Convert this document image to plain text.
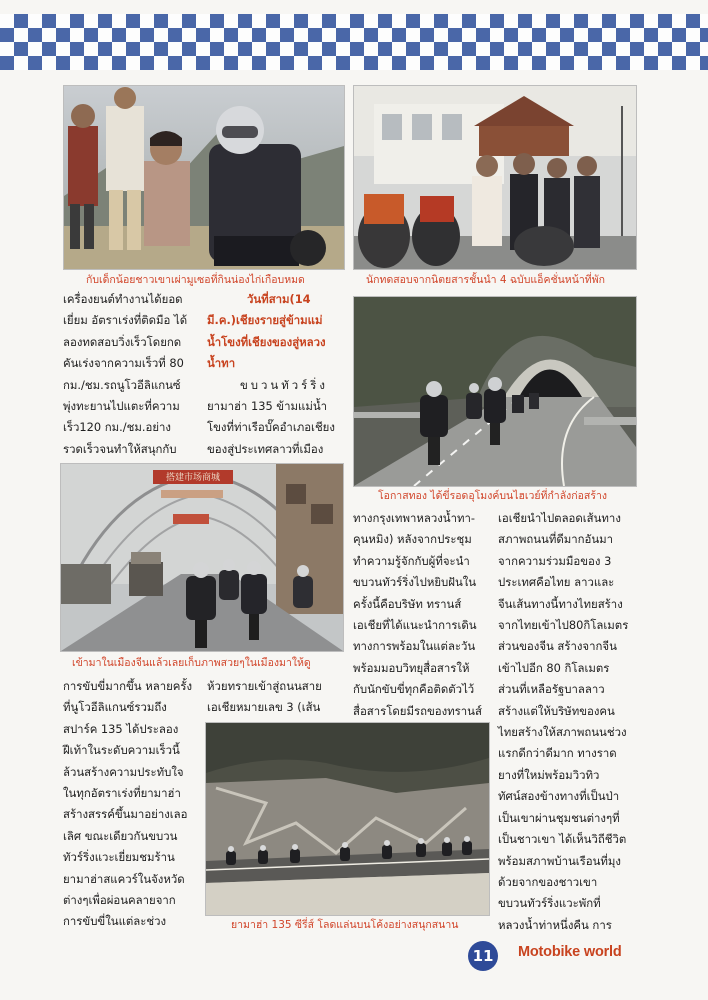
กับเด็กน้อยชาวเขาเผ่ามูเซอที่กินน่องไก่เกือบหมด	นักทดสอบจากนิตยสารชั้นนำ 4 ฉบับแอ็คชั่นหน้าที่พัก
โอกาสทอง ได้ขี่รอดอุโมงค์บนไฮเวย์ที่กำลังก่อสร้าง
搭建市场商城
เข้ามาในเมืองจีนแล้วเลยเก็บภาพสวยๆในเมืองมาให้ดู
ยามาฮ่า 135 ซีรี่ส์ โลดแล่นบนโค้งอย่างสนุกสนาน
เครื่องยนต์ทำงานได้ยอด
เยี่ยม อัตราเร่งที่ติดมือ ได้
ลองทดสอบวิ่งเร็วโดยกด
คันเร่งจากความเร็วที่ 80
กม./ชม.รถนูโวอีลิแกนซ์
พุ่งทะยานไปแตะที่ความ
เร็ว120 กม./ชม.อย่าง
รวดเร็วจนทำให้สนุกกับ
วันที่สาม(14
มี.ค.)เชียงรายสู่ข้ามแม่
น้ำโขงที่เชียงของสู่หลวง
น้ำทา
ขบวนทัวร์ริ่ง
ยามาฮ่า 135 ข้ามแม่น้ำ
โขงที่ท่าเรือบั๊คอำเภอเชียง
ของสู่ประเทศลาวที่เมือง
ทางกรุงเทพาหลวงน้ำทา-
คุนหมิง) หลังจากประชุม
ทำความรู้จักกับผู้ที่จะนำ
ขบวนทัวร์ริ่งไปหยิบฝันใน
ครั้งนี้คือบริษัท ทรานส์
เอเชียที่ได้แนะนำการเดิน
ทางการพร้อมในแต่ละวัน
พร้อมมอบวิทยุสื่อสารให้
กับนักขับขี่ทุกคือติดตัวไว้
สื่อสารโดยมีรถของทรานส์
เอเชียนำไปตลอดเส้นทาง
สภาพถนนที่ดีมากอันมา
จากความร่วมมือของ 3
ประเทศคือไทย ลาวและ
จีนเส้นทางนี้ทางไทยสร้าง
จากไทยเข้าไป80กิโลเมตร
ส่วนของจีน สร้างจากจีน
เข้าไปอีก 80 กิโลเมตร
ส่วนที่เหลือรัฐบาลลาว
สร้างแต่ให้บริษัทของคน
ไทยสร้างให้สภาพถนนช่วง
แรกดีกว่าดีมาก ทางราด
ยางที่ใหม่พร้อมวิวทิว
ทัศน์สองข้างทางที่เป็นป่า
เป็นเขาผ่านชุมชนต่างๆที่
เป็นชาวเขา ได้เห็นวิถีชีวิต
พร้อมสภาพบ้านเรือนที่มุง
ด้วยจากของชาวเขา
ขบวนทัวร์ริ่งแวะพักที่
หลวงน้ำท่าหนึ่งคืน การ
การขับขี่มากขึ้น หลายครั้ง
ที่นูโวอีลิแกนซ์รวมถึง
สปาร์ค 135 ได้ประลอง
ฝีเท้าในระดับความเร็วนี้
ล้วนสร้างความประทับใจ
ในทุกอัตราเร่งที่ยามาฮ่า
สร้างสรรค์ขึ้นมาอย่างเลอ
เลิศ ขณะเดียวกันขบวน
ทัวร์ริ่งแวะเยี่ยมชมร้าน
ยามาฮ่าสแควร์ในจังหวัด
ต่างๆเพื่อผ่อนคลายจาก
การขับขี่ในแต่ละช่วง
ห้วยทรายเข้าสู่ถนนสาย
เอเชียหมายเลข 3 (เส้น
11	Motobike world
